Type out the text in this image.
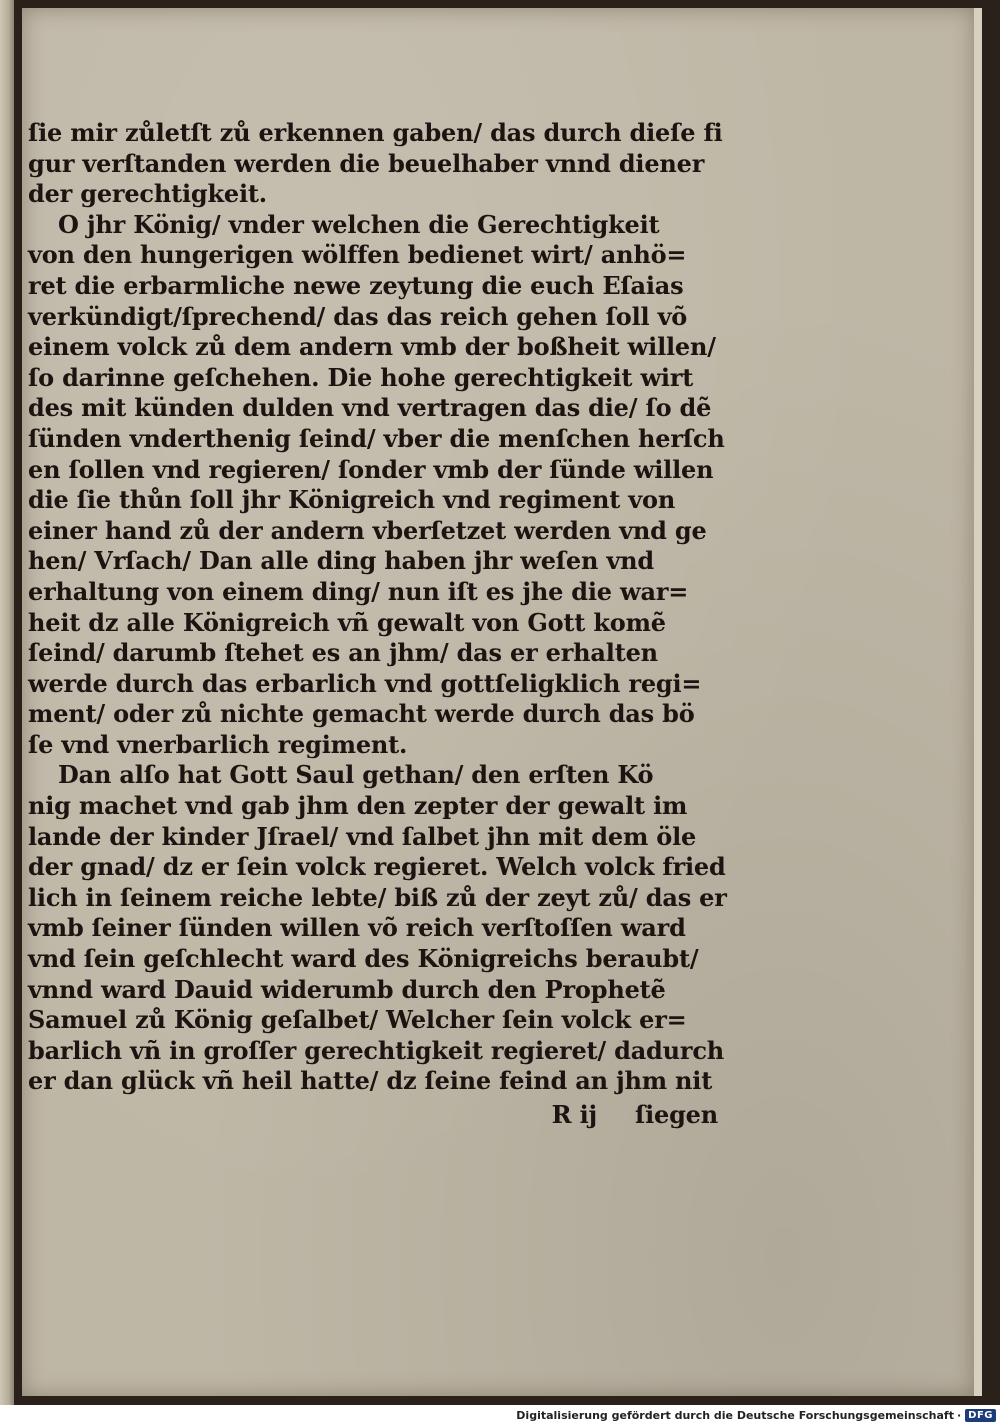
ſie mir zůletſt zů erkennen gaben/ das durch dieſe fi
gur verſtanden werden die beuelhaber vnnd diener
der gerechtigkeit.
O jhr König/ vnder welchen die Gerechtigkeit
von den hungerigen wölffen bedienet wirt/ anhö=
ret die erbarmliche newe zeytung die euch Eſaias
verkündigt/ſprechend/ das das reich gehen ſoll võ
einem volck zů dem andern vmb der boßheit willen/
ſo darinne geſchehen. Die hohe gerechtigkeit wirt
des mit künden dulden vnd vertragen das die/ ſo dẽ
ſünden vnderthenig ſeind/ vber die menſchen herſch
en ſollen vnd regieren/ ſonder vmb der ſünde willen
die ſie thůn ſoll jhr Königreich vnd regiment von
einer hand zů der andern vberſetzet werden vnd ge
hen/ Vrſach/ Dan alle ding haben jhr weſen vnd
erhaltung von einem ding/ nun iſt es jhe die war=
heit dz alle Königreich vñ gewalt von Gott komẽ
ſeind/ darumb ſtehet es an jhm/ das er erhalten
werde durch das erbarlich vnd gottſeligklich regi=
ment/ oder zů nichte gemacht werde durch das bö
ſe vnd vnerbarlich regiment.
Dan alſo hat Gott Saul gethan/ den erſten Kö
nig machet vnd gab jhm den zepter der gewalt im
lande der kinder Jſrael/ vnd ſalbet jhn mit dem öle
der gnad/ dz er ſein volck regieret. Welch volck fried
lich in ſeinem reiche lebte/ biß zů der zeyt zů/ das er
vmb ſeiner ſünden willen võ reich verſtoſſen ward
vnd ſein geſchlecht ward des Königreichs beraubt/
vnnd ward Dauid widerumb durch den Prophetẽ
Samuel zů König geſalbet/ Welcher ſein volck er=
barlich vñ in groſſer gerechtigkeit regieret/ dadurch
er dan glück vñ heil hatte/ dz ſeine feind an jhm nit
R ij ſiegen
Digitalisierung gefördert durch die Deutsche Forschungsgemeinschaft · DFG
